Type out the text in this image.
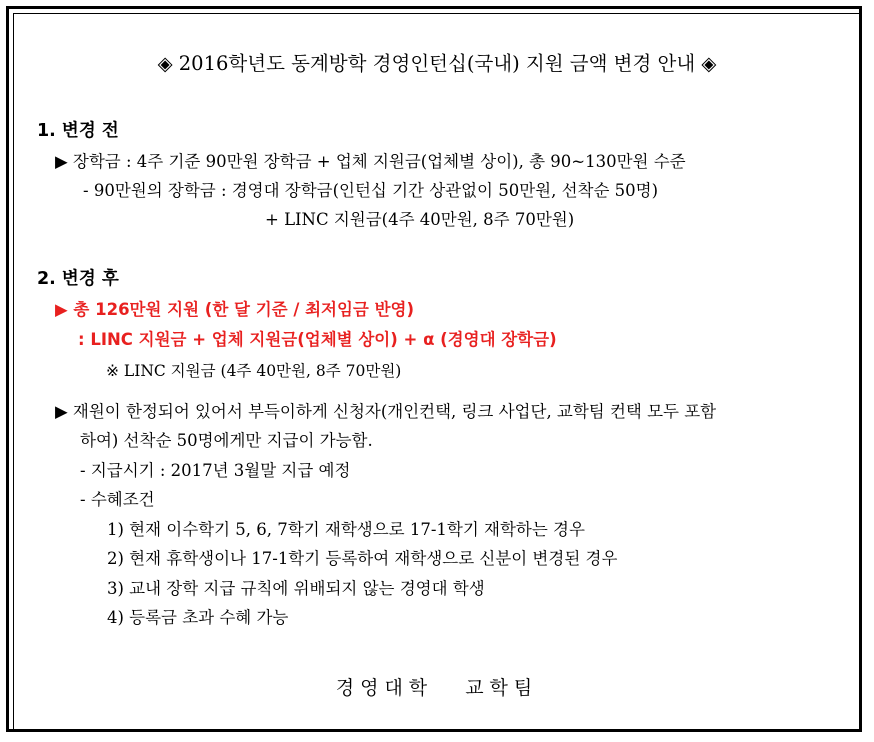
◈ 2016학년도 동계방학 경영인턴십(국내) 지원 금액 변경 안내 ◈
1. 변경 전
▶ 장학금 : 4주 기준 90만원 장학금 + 업체 지원금(업체별 상이), 총 90~130만원 수준
- 90만원의 장학금 : 경영대 장학금(인턴십 기간 상관없이 50만원, 선착순 50명)
+ LINC 지원금(4주 40만원, 8주 70만원)
2. 변경 후
▶ 총 126만원 지원 (한 달 기준 / 최저임금 반영)
: LINC 지원금 + 업체 지원금(업체별 상이) + α (경영대 장학금)
※ LINC 지원금 (4주 40만원, 8주 70만원)
▶ 재원이 한정되어 있어서 부득이하게 신청자(개인컨택, 링크 사업단, 교학팀 컨택 모두 포함
하여) 선착순 50명에게만 지급이 가능함.
- 지급시기 : 2017년 3월말 지급 예정
- 수혜조건
1) 현재 이수학기 5, 6, 7학기 재학생으로 17-1학기 재학하는 경우
2) 현재 휴학생이나 17-1학기 등록하여 재학생으로 신분이 변경된 경우
3) 교내 장학 지급 규칙에 위배되지 않는 경영대 학생
4) 등록금 초과 수혜 가능
경영대학 교학팀
